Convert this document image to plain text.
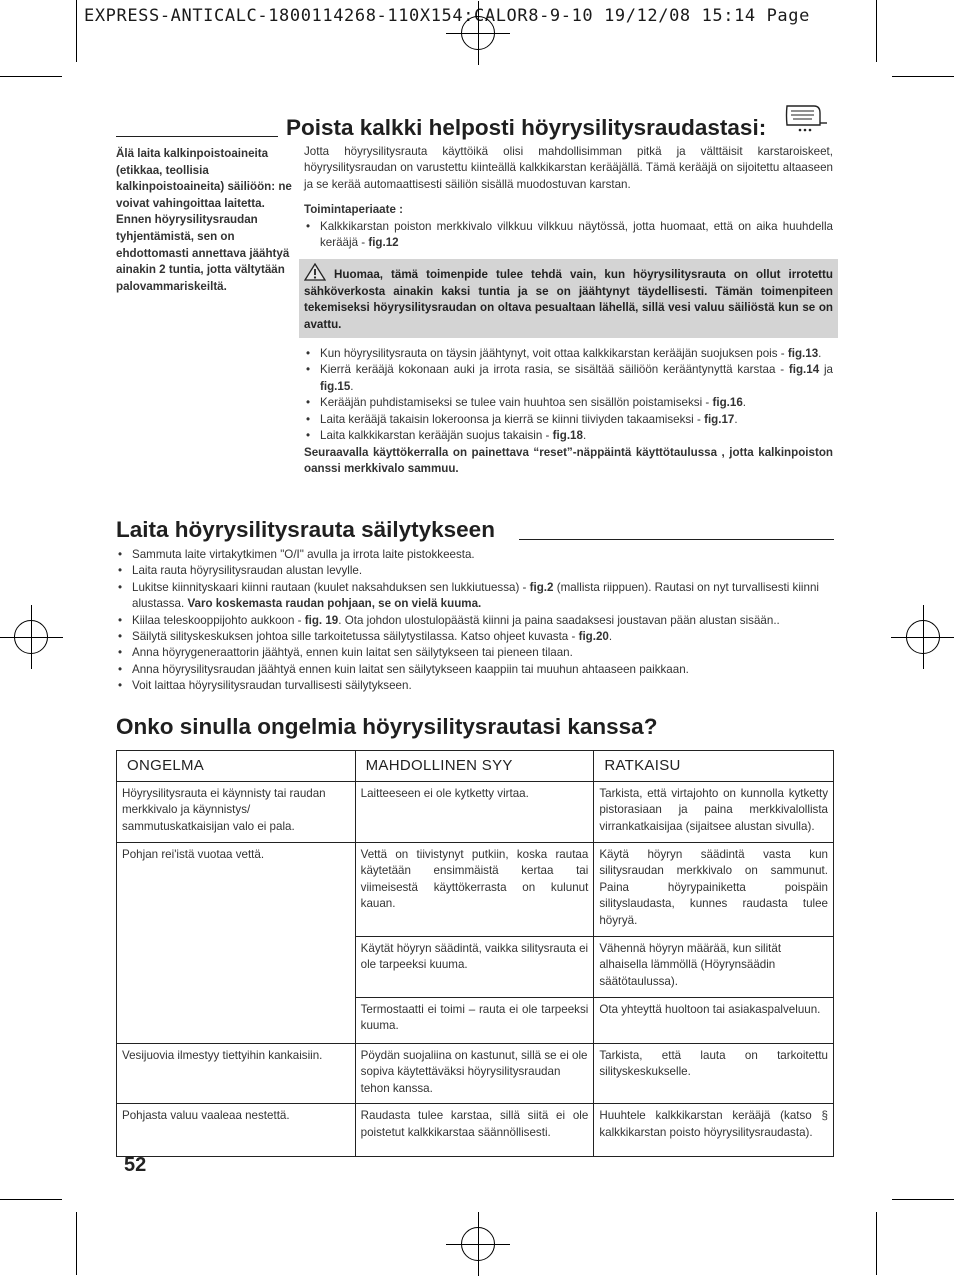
EXPRESS-ANTICALC-1800114268-110X154:CALOR8-9-10 19/12/08 15:14 Page
Poista kalkki helposti höyrysilitysraudastasi:

Älä laita kalkinpoistoaineita (etikkaa, teollisia kalkinpoistoaineita) säiliöön: ne voivat vahingoittaa laitetta.

Ennen höyrysilitysraudan tyhjentämistä, sen on ehdottomasti annettava jäähtyä ainakin 2 tuntia, jotta vältytään palovammariskeiltä.

Jotta höyrysilitysrauta käyttöikä olisi mahdollisimman pitkä ja välttäisit karstaroiskeet, höyrysilitysraudan on varustettu kiinteällä kalkkikarstan kerääjällä. Tämä kerääjä on sijoitettu altaaseen ja se kerää automaattisesti säiliön sisällä muodostuvan karstan.

Toimintaperiaate :

• Kalkkikarstan poiston merkkivalo vilkkuu vilkkuu näytössä, jotta huomaat, että on aika huuhdella kerääjä - fig.12
Huomaa, tämä toimenpide tulee tehdä vain, kun höyrysilitysrauta on ollut irrotettu sähköverkosta ainakin kaksi tuntia ja se on jäähtynyt täydellisesti. Tämän toimenpiteen tekemiseksi höyrysilitysraudan on oltava pesualtaan lähellä, sillä vesi valuu säiliöstä kun se on avattu.
• Kun höyrysilitysrauta on täysin jäähtynyt, voit ottaa kalkkikarstan kerääjän suojuksen pois - fig.13.
• Kierrä kerääjä kokonaan auki ja irrota rasia, se sisältää säiliöön kerääntynyttä karstaa - fig.14 ja fig.15.
• Kerääjän puhdistamiseksi se tulee vain huuhtoa sen sisällön poistamiseksi - fig.16.
• Laita kerääjä takaisin lokeroonsa ja kierrä se kiinni tiiviyden takaamiseksi - fig.17.
• Laita kalkkikarstan kerääjän suojus takaisin - fig.18.

Seuraavalla käyttökerralla on painettava “reset”-näppäintä käyttötaulussa , jotta kalkinpoiston oanssi merkkivalo sammuu.

Laita höyrysilitysrauta säilytykseen
• Sammuta laite virtakytkimen "O/I" avulla ja irrota laite pistokkeesta.
• Laita rauta höyrysilitysraudan alustan levylle.
• Lukitse kiinnityskaari kiinni rautaan (kuulet naksahduksen sen lukkiutuessa) - fig.2 (mallista riippuen). Rautasi on nyt turvallisesti kiinni alustassa. Varo koskemasta raudan pohjaan, se on vielä kuuma.
• Kiilaa teleskooppijohto aukkoon - fig. 19. Ota johdon ulostulopäästä kiinni ja paina saadaksesi joustavan pään alustan sisään..
• Säilytä silityskeskuksen johtoa sille tarkoitetussa säilytystilassa. Katso ohjeet kuvasta - fig.20.
• Anna höyrygeneraattorin jäähtyä, ennen kuin laitat sen säilytykseen tai pieneen tilaan.
• Anna höyrysilitysraudan jäähtyä ennen kuin laitat sen säilytykseen kaappiin tai muuhun ahtaaseen paikkaan.
• Voit laittaa höyrysilitysraudan turvallisesti säilytykseen.
Onko sinulla ongelmia höyrysilitysrautasi kanssa?
ONGELMA	MAHDOLLINEN SYY	RATKAISU
Höyrysilitysrauta ei käynnisty tai raudan merkkivalo ja käynnistys/ sammutuskatkaisijan valo ei pala.	Laitteeseen ei ole kytketty virtaa.	Tarkista, että virtajohto on kunnolla kytketty pistorasiaan ja paina merkkivalollista virrankatkaisijaa (sijaitsee alustan sivulla).
Pohjan rei'istä vuotaa vettä.	Vettä on tiivistynyt putkiin, koska rautaa käytetään ensimmäistä kertaa tai viimeisestä käyttökerrasta on kulunut kauan.	Käytä höyryn säädintä vasta kun silitysraudan merkkivalo on sammunut. Paina höyrypainiketta poispäin silityslaudasta, kunnes raudasta tulee höyryä.
	Käytät höyryn säädintä, vaikka silitysrauta ei ole tarpeeksi kuuma.	Vähennä höyryn määrää, kun silität alhaisella lämmöllä (Höyrynsäädin säätötaulussa).
	Termostaatti ei toimi – rauta ei ole tarpeeksi kuuma.	Ota yhteyttä huoltoon tai asiakaspalveluun.
Vesijuovia ilmestyy tiettyihin kankaisiin.	Pöydän suojaliina on kastunut, sillä se ei ole sopiva käytettäväksi höyrysilitysraudan tehon kanssa.	Tarkista, että lauta on tarkoitettu silityskeskukselle.
Pohjasta valuu vaaleaa nestettä.	Raudasta tulee karstaa, sillä siitä ei ole poistetut kalkkikarstaa säännöllisesti.	Huuhtele kalkkikarstan kerääjä (katso § kalkkikarstan poisto höyrysilitysraudasta).
52
